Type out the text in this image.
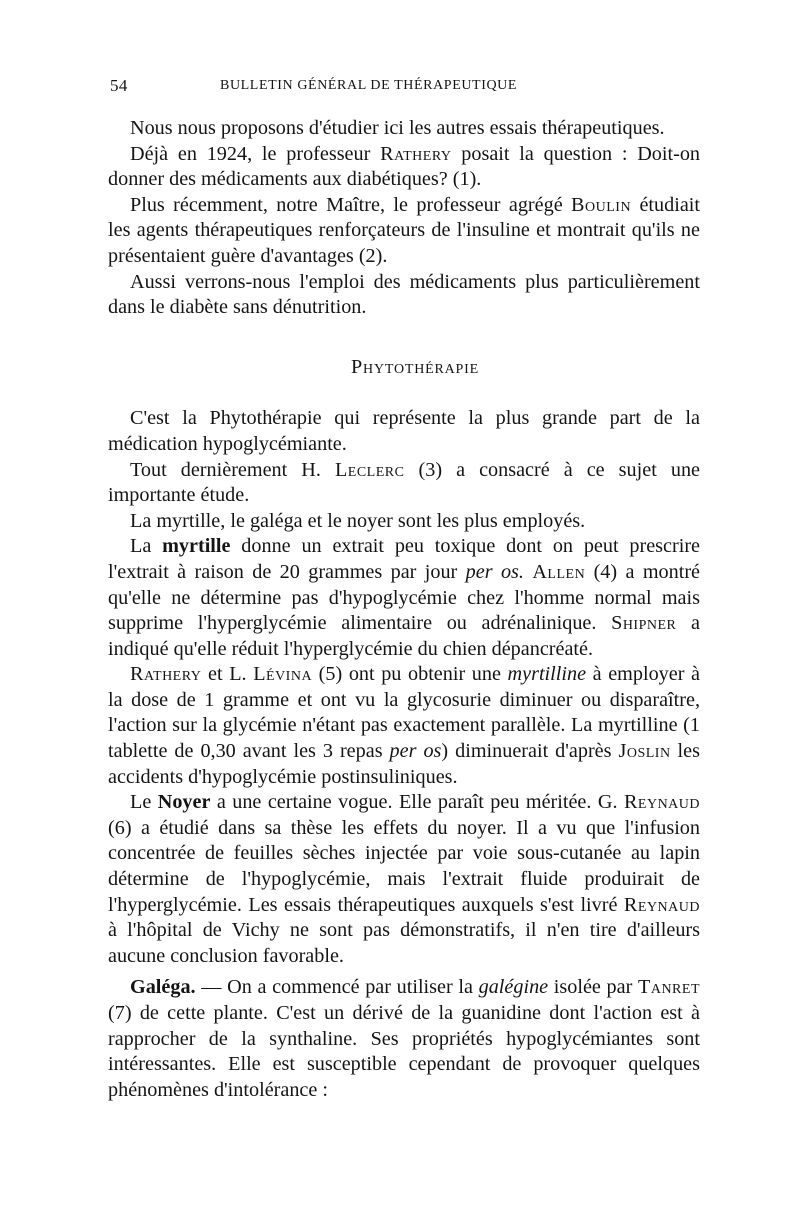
54	BULLETIN GÉNÉRAL DE THÉRAPEUTIQUE

Nous nous proposons d'étudier ici les autres essais thérapeutiques.

Déjà en 1924, le professeur Rathery posait la question : Doit-on donner des médicaments aux diabétiques? (1).

Plus récemment, notre Maître, le professeur agrégé Boulin étudiait les agents thérapeutiques renforçateurs de l'insuline et montrait qu'ils ne présentaient guère d'avantages (2).

Aussi verrons-nous l'emploi des médicaments plus particulièrement dans le diabète sans dénutrition.

Phytothérapie

C'est la Phytothérapie qui représente la plus grande part de la médication hypoglycémiante.

Tout dernièrement H. Leclerc (3) a consacré à ce sujet une importante étude.

La myrtille, le galéga et le noyer sont les plus employés.

La myrtille donne un extrait peu toxique dont on peut prescrire l'extrait à raison de 20 grammes par jour per os. Allen (4) a montré qu'elle ne détermine pas d'hypoglycémie chez l'homme normal mais supprime l'hyperglycémie alimentaire ou adrénalinique. Shipner a indiqué qu'elle réduit l'hyperglycémie du chien dépancréaté.

Rathery et L. Lévina (5) ont pu obtenir une myrtilline à employer à la dose de 1 gramme et ont vu la glycosurie diminuer ou disparaître, l'action sur la glycémie n'étant pas exactement parallèle. La myrtilline (1 tablette de 0,30 avant les 3 repas per os) diminuerait d'après Joslin les accidents d'hypoglycémie postinsuliniques.

Le Noyer a une certaine vogue. Elle paraît peu méritée. G. Reynaud (6) a étudié dans sa thèse les effets du noyer. Il a vu que l'infusion concentrée de feuilles sèches injectée par voie sous-cutanée au lapin détermine de l'hypoglycémie, mais l'extrait fluide produirait de l'hyperglycémie. Les essais thérapeutiques auxquels s'est livré Reynaud à l'hôpital de Vichy ne sont pas démonstratifs, il n'en tire d'ailleurs aucune conclusion favorable.

Galéga. — On a commencé par utiliser la galégine isolée par Tanret (7) de cette plante. C'est un dérivé de la guanidine dont l'action est à rapprocher de la synthaline. Ses propriétés hypoglycémiantes sont intéressantes. Elle est susceptible cependant de provoquer quelques phénomènes d'intolérance :
